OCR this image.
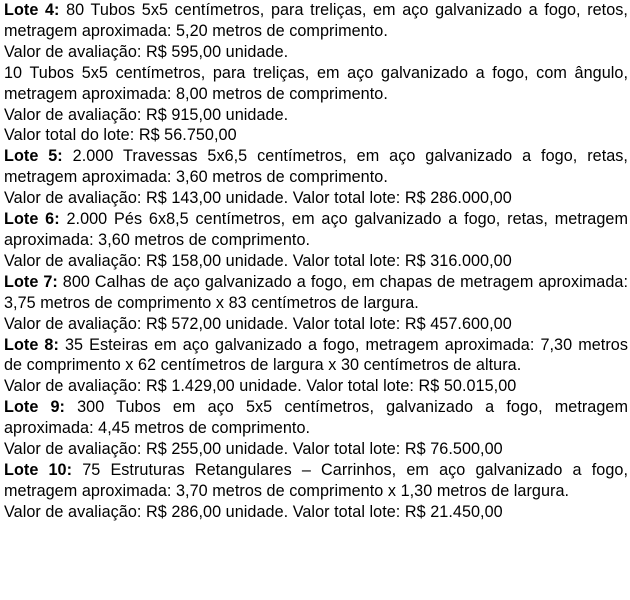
Lote 4: 80 Tubos 5x5 centímetros, para treliças, em aço galvanizado a fogo, retos, metragem aproximada: 5,20 metros de comprimento.

Valor de avaliação: R$ 595,00 unidade.

10 Tubos 5x5 centímetros, para treliças, em aço galvanizado a fogo, com ângulo, metragem aproximada: 8,00 metros de comprimento.

Valor de avaliação: R$ 915,00 unidade.

Valor total do lote: R$ 56.750,00

Lote 5: 2.000 Travessas 5x6,5 centímetros, em aço galvanizado a fogo, retas, metragem aproximada: 3,60 metros de comprimento.

Valor de avaliação: R$ 143,00 unidade. Valor total lote: R$ 286.000,00

Lote 6: 2.000 Pés 6x8,5 centímetros, em aço galvanizado a fogo, retas, metragem aproximada: 3,60 metros de comprimento.

Valor de avaliação: R$ 158,00 unidade. Valor total lote: R$ 316.000,00

Lote 7: 800 Calhas de aço galvanizado a fogo, em chapas de metragem aproximada: 3,75 metros de comprimento x 83 centímetros de largura.

Valor de avaliação: R$ 572,00 unidade. Valor total lote: R$ 457.600,00

Lote 8: 35 Esteiras em aço galvanizado a fogo, metragem aproximada: 7,30 metros de comprimento x 62 centímetros de largura x 30 centímetros de altura.

Valor de avaliação: R$ 1.429,00 unidade. Valor total lote: R$ 50.015,00

Lote 9: 300 Tubos em aço 5x5 centímetros, galvanizado a fogo, metragem aproximada: 4,45 metros de comprimento.

Valor de avaliação: R$ 255,00 unidade. Valor total lote: R$ 76.500,00

Lote 10: 75 Estruturas Retangulares – Carrinhos, em aço galvanizado a fogo, metragem aproximada: 3,70 metros de comprimento x 1,30 metros de largura.

Valor de avaliação: R$ 286,00 unidade. Valor total lote: R$ 21.450,00
